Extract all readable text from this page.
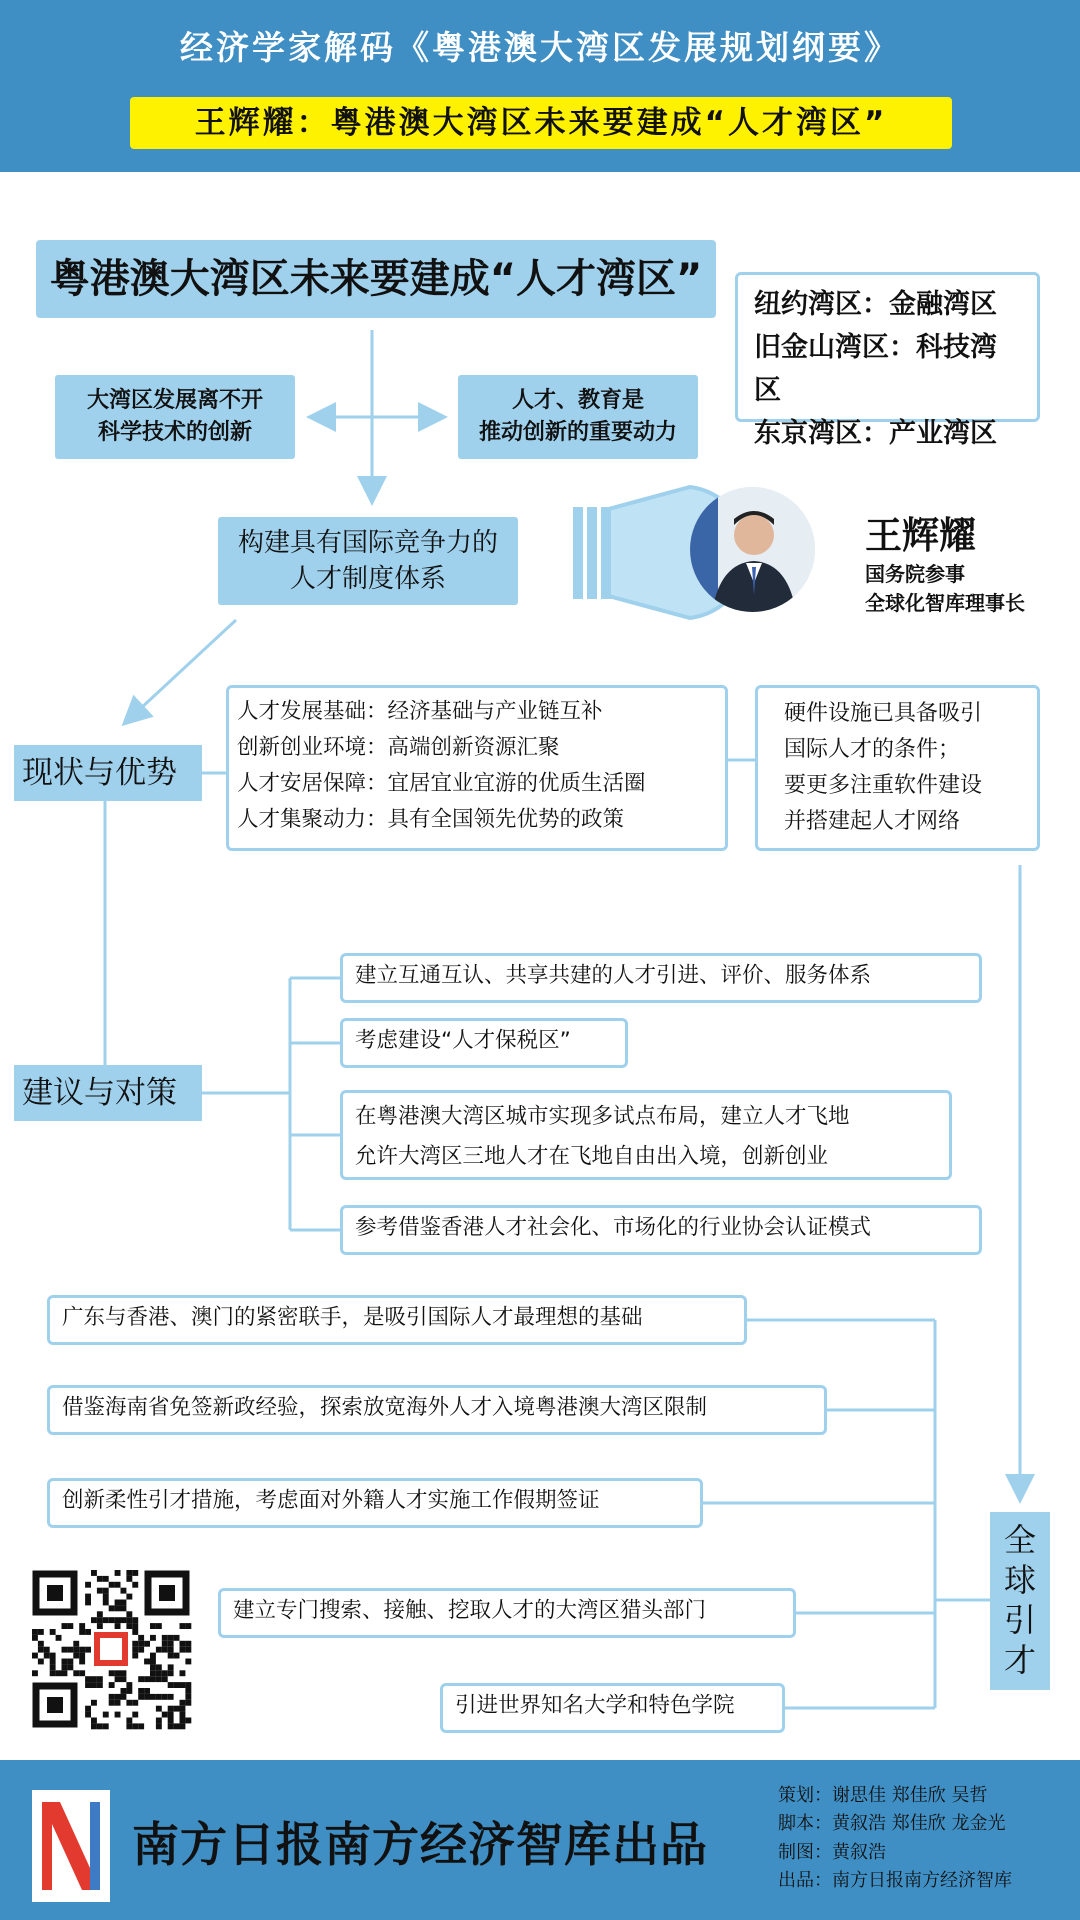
经济学家解码《粤港澳大湾区发展规划纲要》
王辉耀：粤港澳大湾区未来要建成“人才湾区”
粤港澳大湾区未来要建成“人才湾区”
大湾区发展离不开
科学技术的创新
人才、教育是
推动创新的重要动力
构建具有国际竞争力的
人才制度体系
纽约湾区：金融湾区
旧金山湾区：科技湾区
东京湾区：产业湾区
王辉耀
国务院参事
全球化智库理事长
现状与优势
人才发展基础：经济基础与产业链互补
创新创业环境：高端创新资源汇聚
人才安居保障：宜居宜业宜游的优质生活圈
人才集聚动力：具有全国领先优势的政策
硬件设施已具备吸引
国际人才的条件；
要更多注重软件建设
并搭建起人才网络
建议与对策
建立互通互认、共享共建的人才引进、评价、服务体系
考虑建设“人才保税区”
在粤港澳大湾区城市实现多试点布局，建立人才飞地
允许大湾区三地人才在飞地自由出入境，创新创业
参考借鉴香港人才社会化、市场化的行业协会认证模式
广东与香港、澳门的紧密联手，是吸引国际人才最理想的基础
借鉴海南省免签新政经验，探索放宽海外人才入境粤港澳大湾区限制
创新柔性引才措施，考虑面对外籍人才实施工作假期签证
建立专门搜索、接触、挖取人才的大湾区猎头部门
引进世界知名大学和特色学院
全
球
引
才
南方日报南方经济智库出品
策划：谢思佳 郑佳欣 吴哲
脚本：黄叙浩 郑佳欣 龙金光
制图：黄叙浩
出品：南方日报南方经济智库
